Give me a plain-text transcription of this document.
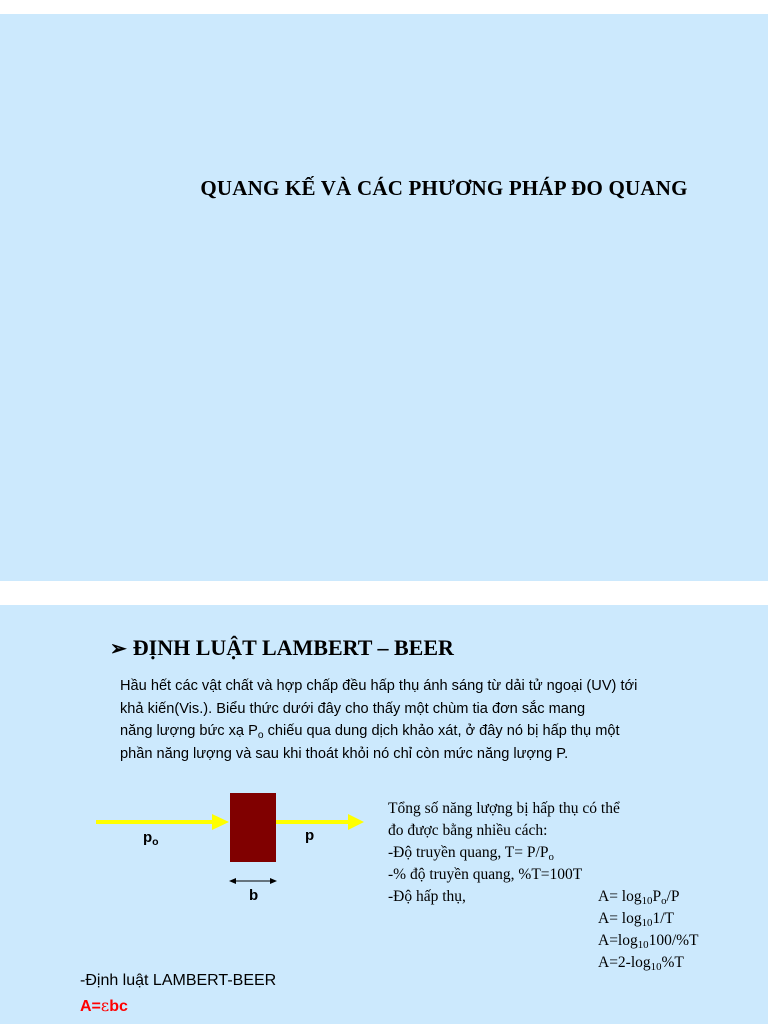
QUANG KẾ VÀ CÁC PHƯƠNG PHÁP ĐO QUANG
➢ ĐỊNH LUẬT LAMBERT – BEER
Hầu hết các vật chất và hợp chấp đều hấp thụ ánh sáng từ dải tử ngoại (UV) tới
khả kiến(Vis.). Biểu thức dưới đây cho thấy một chùm tia đơn sắc mang
năng lượng bức xạ $P_o$ chiếu qua dung dịch khảo xát, ở đây nó bị hấp thụ một
phần năng lượng và sau khi thoát khỏi nó chỉ còn mức năng lượng P.
$p_o$	p
b
Tổng số năng lượng bị hấp thụ có thể
đo được bằng nhiều cách:
-Độ truyền quang, $T= P/P_o$
-% độ truyền quang, %T=100T
-Độ hấp thụ,	$A= \log_{10}P_o/P$
$A= \log_{10}1/T$
$A=\log_{10}100/\%T$
$A=2-\log_{10}\%T$
-Định luật LAMBERT-BEER
A=εbc
